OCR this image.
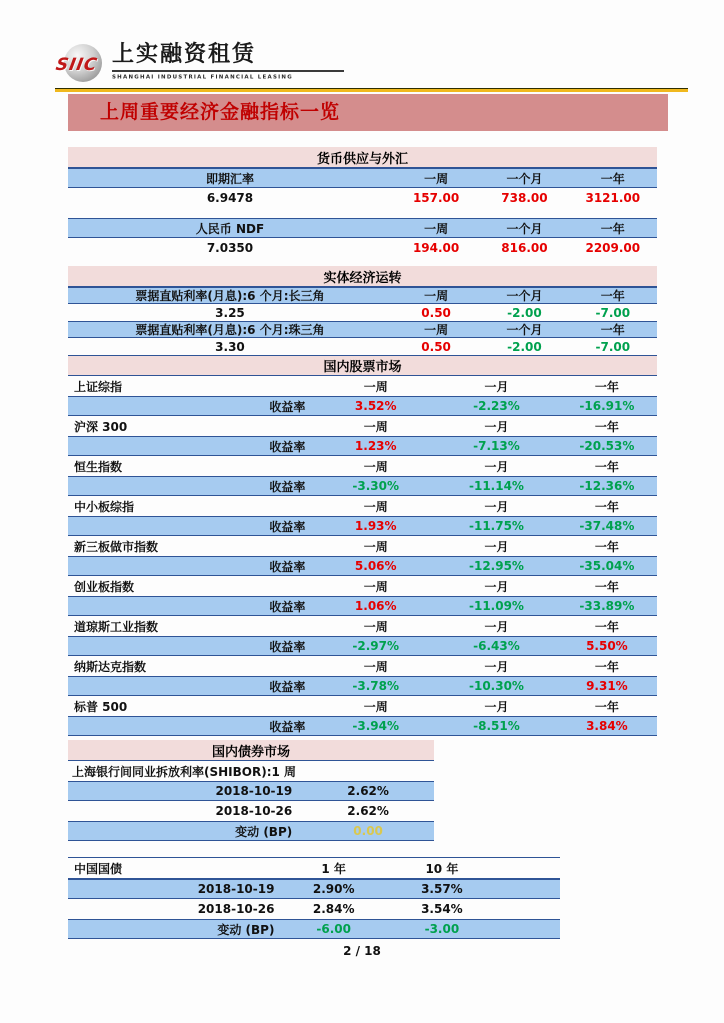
SIIC 上实融资租赁
SHANGHAI INDUSTRIAL FINANCIAL LEASING
上周重要经济金融指标一览
货币供应与外汇
即期汇率	一周	一个月	一年
6.9478	157.00	738.00	3121.00
人民币 NDF	一周	一个月	一年
7.0350	194.00	816.00	2209.00
实体经济运转
票据直贴利率(月息):6 个月:长三角	一周	一个月	一年
3.25	0.50	-2.00	-7.00
票据直贴利率(月息):6 个月:珠三角	一周	一个月	一年
3.30	0.50	-2.00	-7.00
国内股票市场
上证综指	一周	一月	一年
收益率	3.52%	-2.23%	-16.91%
沪深 300	一周	一月	一年
收益率	1.23%	-7.13%	-20.53%
恒生指数	一周	一月	一年
收益率	-3.30%	-11.14%	-12.36%
中小板综指	一周	一月	一年
收益率	1.93%	-11.75%	-37.48%
新三板做市指数	一周	一月	一年
收益率	5.06%	-12.95%	-35.04%
创业板指数	一周	一月	一年
收益率	1.06%	-11.09%	-33.89%
道琼斯工业指数	一周	一月	一年
收益率	-2.97%	-6.43%	5.50%
纳斯达克指数	一周	一月	一年
收益率	-3.78%	-10.30%	9.31%
标普 500	一周	一月	一年
收益率	-3.94%	-8.51%	3.84%
国内债券市场
上海银行间同业拆放利率(SHIBOR):1 周
2018-10-19	2.62%
2018-10-26	2.62%
变动 (BP)	0.00
中国国债	1 年	10 年
2018-10-19	2.90%	3.57%
2018-10-26	2.84%	3.54%
变动 (BP)	-6.00	-3.00
2 / 18
